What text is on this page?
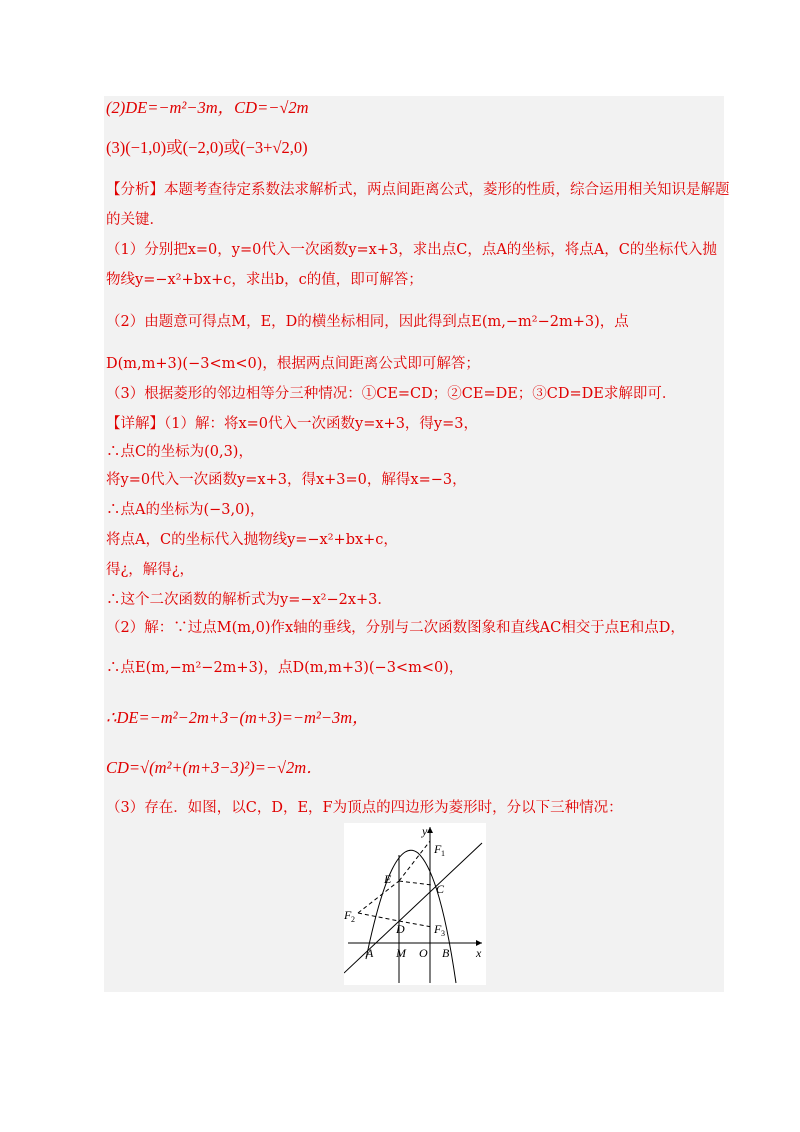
(2)DE=−m²−3m，CD=−√2m
(3)(−1,0)或(−2,0)或(−3+√2,0)
【分析】本题考查待定系数法求解析式，两点间距离公式，菱形的性质，综合运用相关知识是解题
的关键．
（1）分别把x=0，y=0代入一次函数y=x+3，求出点C，点A的坐标，将点A，C的坐标代入抛
物线y=−x²+bx+c，求出b，c的值，即可解答；
（2）由题意可得点M，E，D的横坐标相同，因此得到点E(m,−m²−2m+3)，点
D(m,m+3)(−3<m<0)，根据两点间距离公式即可解答；
（3）根据菱形的邻边相等分三种情况：①CE=CD；②CE=DE；③CD=DE求解即可．
【详解】（1）解：将x=0代入一次函数y=x+3，得y=3，
∴点C的坐标为(0,3)，
将y=0代入一次函数y=x+3，得x+3=0，解得x=−3，
∴点A的坐标为(−3,0)，
将点A，C的坐标代入抛物线y=−x²+bx+c，
得¿，解得¿，
∴这个二次函数的解析式为y=−x²−2x+3．
（2）解：∵过点M(m,0)作x轴的垂线，分别与二次函数图象和直线AC相交于点E和点D，
∴点E(m,−m²−2m+3)，点D(m,m+3)(−3<m<0)，
∴DE=−m²−2m+3−(m+3)=−m²−3m，
CD=√(m²+(m+3−3)²)=−√2m．
（3）存在．如图，以C，D，E，F为顶点的四边形为菱形时，分以下三种情况：
y
x
F 1
E
C
F 2
D F 3
A M O B
